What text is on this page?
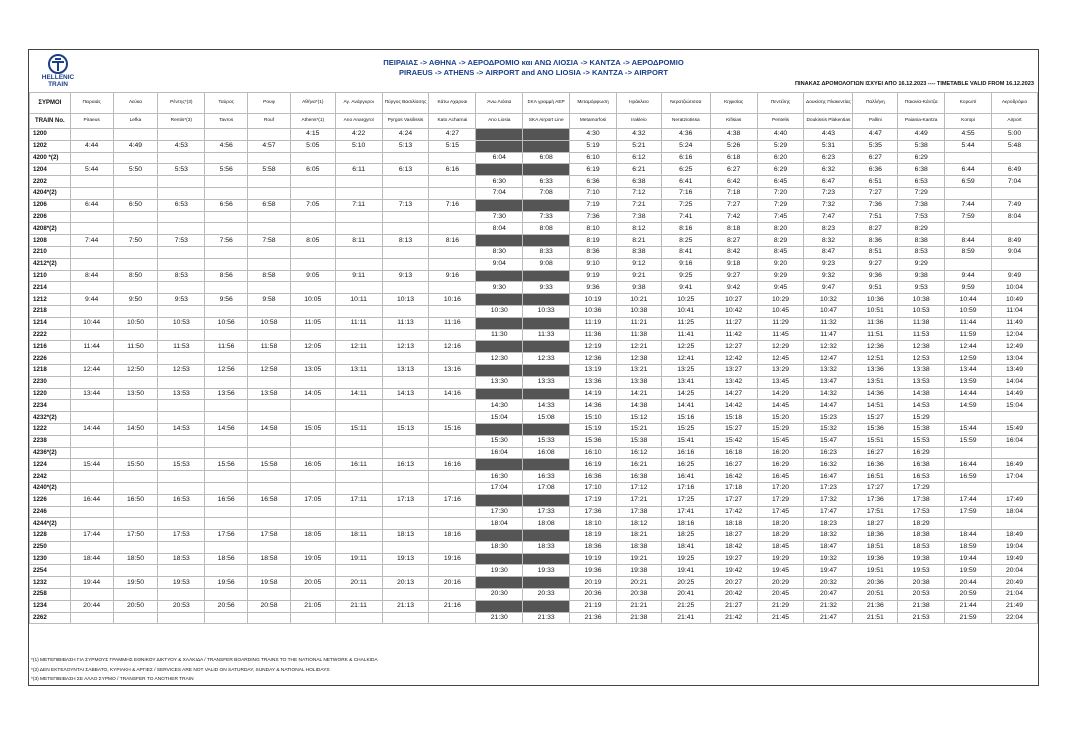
HELLENIC
TRAIN
ΠΕΙΡΑΙΑΣ -> ΑΘΗΝΑ -> ΑΕΡΟΔΡΟΜΙΟ και ΑΝΩ ΛΙΟΣΙΑ -> ΚΑΝΤΖΑ -> ΑΕΡΟΔΡΟΜΙΟ
PIRAEUS -> ATHENS -> AIRPORT and ANO LIOSIA -> KANTZA -> AIRPORT
ΠΙΝΑΚΑΣ ΔΡΟΜΟΛΟΓΙΩΝ ΙΣΧΥΕΙ ΑΠΟ 16.12.2023 ---- TIMETABLE VALID FROM 16.12.2023
ΣΥΡΜΟΙ	Πειραιάς	Λεύκα	Ρέντης*(3)	Ταύρος	Ρουφ	Αθήνα*(1)	Αγ. Ανάργυροι	Πύργος Βασιλίσσης	Κάτω Αχαρναι	Άνω Λιόσια	ΣΚΑ γραμμή ΑΕΡ	Μεταμόρφωση	Ηράκλειο	Νερατζιώτισσα	Κηφισίας	Πεντέλης	Δουκίσης Πλακεντίας	Παλλήνη	Παιανία-Κάντζα	Κορωπί	Αεροδρόμιο
TRAIN No.	Piraeus	Lefka	Rentis*(3)	Tavros	Rouf	Athens*(1)	Ano Anargyroi	Pyrgos Vasilissis	Kato Acharnai	Ano Liosia	SKA Airport Line	Metamorfosi	Irakleio	Neratziotissa	Kifisias	Pentelis	Doukissis Plakentias	Pallini	Paiania-Kantza	Koropi	Airport
1200						4:15	4:22	4:24	4:27			4:30	4:32	4:36	4:38	4:40	4:43	4:47	4:49	4:55	5:00
1202	4:44	4:49	4:53	4:56	4:57	5:05	5:10	5:13	5:15			5:19	5:21	5:24	5:26	5:29	5:31	5:35	5:38	5:44	5:48
4200 *(2)										6:04	6:08	6:10	6:12	6:16	6:18	6:20	6:23	6:27	6:29		
1204	5:44	5:50	5:53	5:56	5:58	6:05	6:11	6:13	6:16			6:19	6:21	6:25	6:27	6:29	6:32	6:36	6:38	6:44	6:49
2202										6:30	6:33	6:36	6:38	6:41	6:42	6:45	6:47	6:51	6:53	6:59	7:04
4204*(2)										7:04	7:08	7:10	7:12	7:16	7:18	7:20	7:23	7:27	7:29		
1206	6:44	6:50	6:53	6:56	6:58	7:05	7:11	7:13	7:16			7:19	7:21	7:25	7:27	7:29	7:32	7:36	7:38	7:44	7:49
2206										7:30	7:33	7:36	7:38	7:41	7:42	7:45	7:47	7:51	7:53	7:59	8:04
4208*(2)										8:04	8:08	8:10	8:12	8:16	8:18	8:20	8:23	8:27	8:29		
1208	7:44	7:50	7:53	7:56	7:58	8:05	8:11	8:13	8:16			8:19	8:21	8:25	8:27	8:29	8:32	8:36	8:38	8:44	8:49
2210										8:30	8:33	8:36	8:38	8:41	8:42	8:45	8:47	8:51	8:53	8:59	9:04
4212*(2)										9:04	9:08	9:10	9:12	9:16	9:18	9:20	9:23	9:27	9:29		
1210	8:44	8:50	8:53	8:56	8:58	9:05	9:11	9:13	9:16			9:19	9:21	9:25	9:27	9:29	9:32	9:36	9:38	9:44	9:49
2214										9:30	9:33	9:36	9:38	9:41	9:42	9:45	9:47	9:51	9:53	9:59	10:04
1212	9:44	9:50	9:53	9:56	9:58	10:05	10:11	10:13	10:16			10:19	10:21	10:25	10:27	10:29	10:32	10:36	10:38	10:44	10:49
2218										10:30	10:33	10:36	10:38	10:41	10:42	10:45	10:47	10:51	10:53	10:59	11:04
1214	10:44	10:50	10:53	10:56	10:58	11:05	11:11	11:13	11:16			11:19	11:21	11:25	11:27	11:29	11:32	11:36	11:38	11:44	11:49
2222										11:30	11:33	11:36	11:38	11:41	11:42	11:45	11:47	11:51	11:53	11:59	12:04
1216	11:44	11:50	11:53	11:56	11:58	12:05	12:11	12:13	12:16			12:19	12:21	12:25	12:27	12:29	12:32	12:36	12:38	12:44	12:49
2226										12:30	12:33	12:36	12:38	12:41	12:42	12:45	12:47	12:51	12:53	12:59	13:04
1218	12:44	12:50	12:53	12:56	12:58	13:05	13:11	13:13	13:16			13:19	13:21	13:25	13:27	13:29	13:32	13:36	13:38	13:44	13:49
2230										13:30	13:33	13:36	13:38	13:41	13:42	13:45	13:47	13:51	13:53	13:59	14:04
1220	13:44	13:50	13:53	13:56	13:58	14:05	14:11	14:13	14:16			14:19	14:21	14:25	14:27	14:29	14:32	14:36	14:38	14:44	14:49
2234										14:30	14:33	14:36	14:38	14:41	14:42	14:45	14:47	14:51	14:53	14:59	15:04
4232*(2)										15:04	15:08	15:10	15:12	15:16	15:18	15:20	15:23	15:27	15:29		
1222	14:44	14:50	14:53	14:56	14:58	15:05	15:11	15:13	15:16			15:19	15:21	15:25	15:27	15:29	15:32	15:36	15:38	15:44	15:49
2238										15:30	15:33	15:36	15:38	15:41	15:42	15:45	15:47	15:51	15:53	15:59	16:04
4236*(2)										16:04	16:08	16:10	16:12	16:16	16:18	16:20	16:23	16:27	16:29		
1224	15:44	15:50	15:53	15:56	15:58	16:05	16:11	16:13	16:16			16:19	16:21	16:25	16:27	16:29	16:32	16:36	16:38	16:44	16:49
2242										16:30	16:33	16:36	16:38	16:41	16:42	16:45	16:47	16:51	16:53	16:59	17:04
4240*(2)										17:04	17:08	17:10	17:12	17:16	17:18	17:20	17:23	17:27	17:29		
1226	16:44	16:50	16:53	16:56	16:58	17:05	17:11	17:13	17:16			17:19	17:21	17:25	17:27	17:29	17:32	17:36	17:38	17:44	17:49
2246										17:30	17:33	17:36	17:38	17:41	17:42	17:45	17:47	17:51	17:53	17:59	18:04
4244*(2)										18:04	18:08	18:10	18:12	18:16	18:18	18:20	18:23	18:27	18:29		
1228	17:44	17:50	17:53	17:56	17:58	18:05	18:11	18:13	18:16			18:19	18:21	18:25	18:27	18:29	18:32	18:36	18:38	18:44	18:49
2250										18:30	18:33	18:36	18:38	18:41	18:42	18:45	18:47	18:51	18:53	18:59	19:04
1230	18:44	18:50	18:53	18:56	18:58	19:05	19:11	19:13	19:16			19:19	19:21	19:25	19:27	19:29	19:32	19:36	19:38	19:44	19:49
2254										19:30	19:33	19:36	19:38	19:41	19:42	19:45	19:47	19:51	19:53	19:59	20:04
1232	19:44	19:50	19:53	19:56	19:58	20:05	20:11	20:13	20:16			20:19	20:21	20:25	20:27	20:29	20:32	20:36	20:38	20:44	20:49
2258										20:30	20:33	20:36	20:38	20:41	20:42	20:45	20:47	20:51	20:53	20:59	21:04
1234	20:44	20:50	20:53	20:56	20:58	21:05	21:11	21:13	21:16			21:19	21:21	21:25	21:27	21:29	21:32	21:36	21:38	21:44	21:49
2262										21:30	21:33	21:36	21:38	21:41	21:42	21:45	21:47	21:51	21:53	21:59	22:04
*(1) ΜΕΤΕΠΙΒΙΒΑΣΗ ΓΙΑ ΣΥΡΜΟΥΣ ΓΡΑΜΜΗΣ ΕΘΝΙΚΟΥ ΔΙΚΤΥΟΥ & ΧΑΛΚΙΔΑ / TRANSFER BOARDING TRAINS TO THE NATIONAL NETWORK & CHALKIDA
*(2) ΔΕΝ ΕΚΤΕΛΟΥΝΤΑΙ ΣΑΒΒΑΤΟ, ΚΥΡΙΑΚΗ & ΑΡΓΙΕΣ / SERVICES ARE NOT VALID ON SATURDAY, SUNDAY & NATIONAL HOLIDAYS
*(3) ΜΕΤΕΠΙΒΙΒΑΣΗ ΣΕ ΑΛΛΟ ΣΥΡΜΟ / TRANSFER TO ANOTHER TRAIN
